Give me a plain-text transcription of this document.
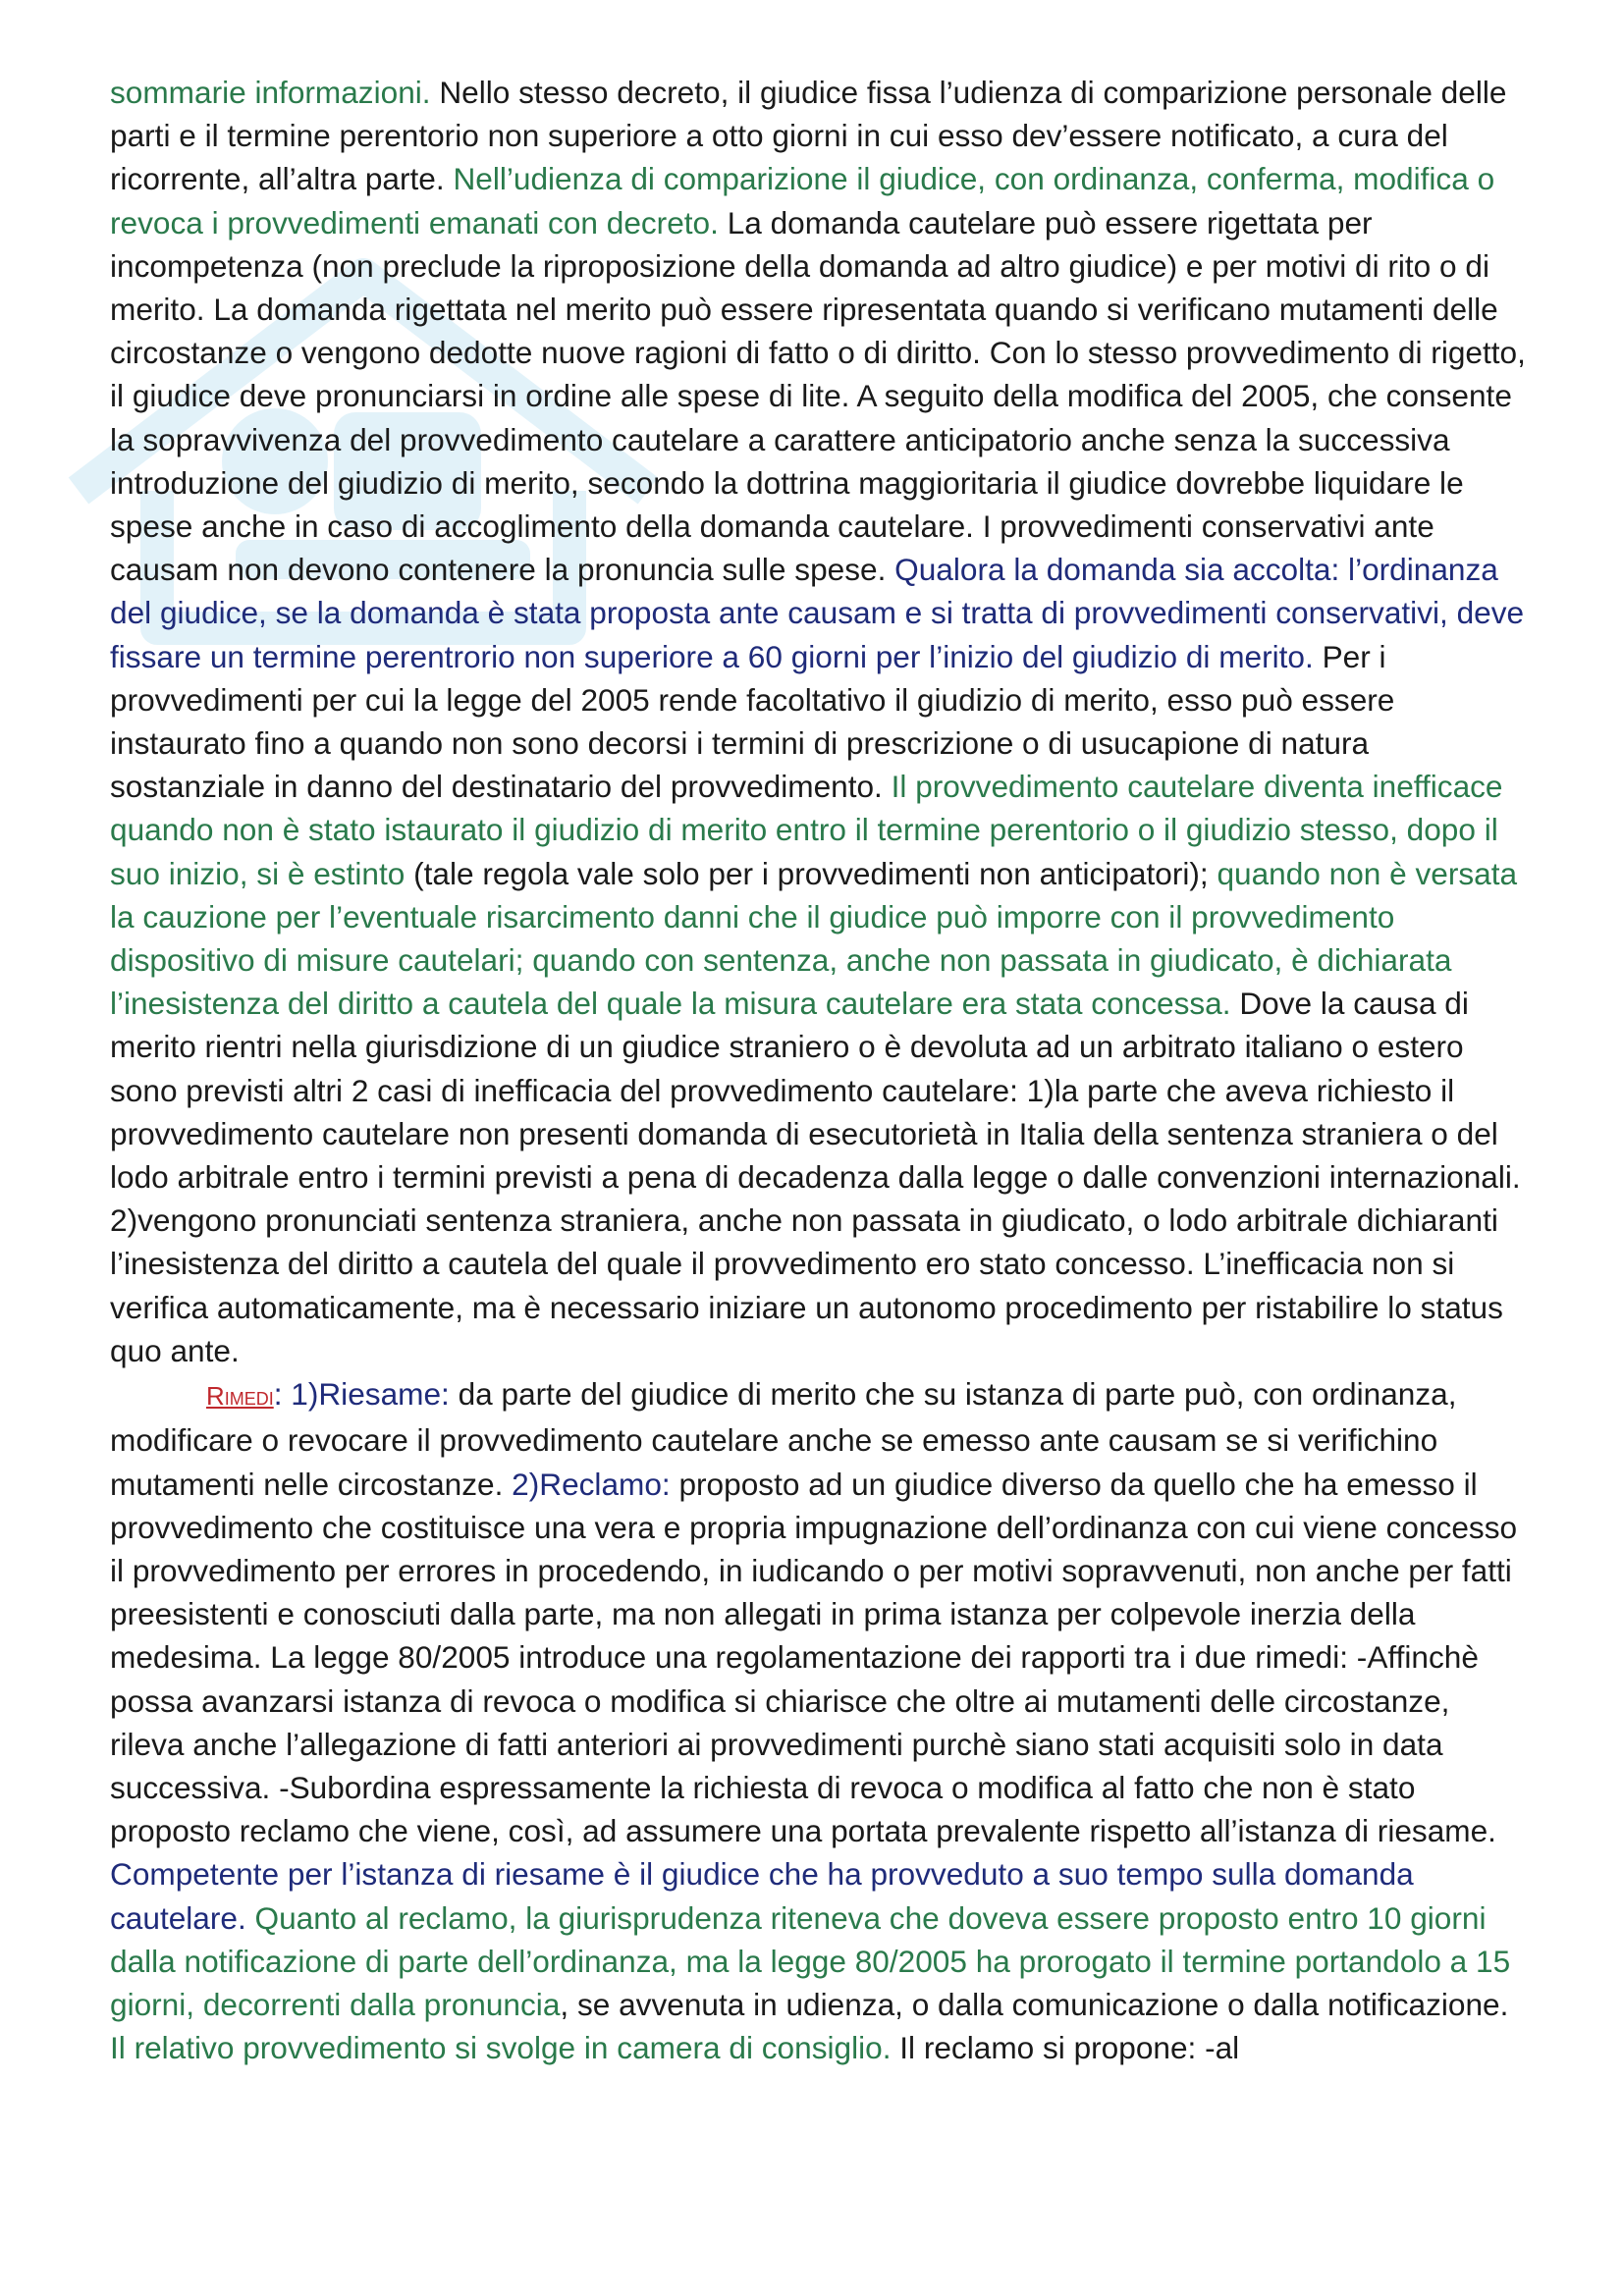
sommarie informazioni. Nello stesso decreto, il giudice fissa l’udienza di comparizione personale delle parti e il termine perentorio non superiore a otto giorni in cui esso dev’essere notificato, a cura del ricorrente, all’altra parte. Nell’udienza di comparizione il giudice, con ordinanza, conferma, modifica o revoca i provvedimenti emanati con decreto. La domanda cautelare può essere rigettata per incompetenza (non preclude la riproposizione della domanda ad altro giudice) e per motivi di rito o di merito. La domanda rigettata nel merito può essere ripresentata quando si verificano mutamenti delle circostanze o vengono dedotte nuove ragioni di fatto o di diritto. Con lo stesso provvedimento di rigetto, il giudice deve pronunciarsi in ordine alle spese di lite. A seguito della modifica del 2005, che consente la sopravvivenza del provvedimento cautelare a carattere anticipatorio anche senza la successiva introduzione del giudizio di merito, secondo la dottrina maggioritaria il giudice dovrebbe liquidare le spese anche in caso di accoglimento della domanda cautelare. I provvedimenti conservativi ante causam non devono contenere la pronuncia sulle spese. Qualora la domanda sia accolta: l’ordinanza del giudice, se la domanda è stata proposta ante causam e si tratta di provvedimenti conservativi, deve fissare un termine perentrorio non superiore a 60 giorni per l’inizio del giudizio di merito. Per i provvedimenti per cui la legge del 2005 rende facoltativo il giudizio di merito, esso può essere instaurato fino a quando non sono decorsi i termini di prescrizione o di usucapione di natura sostanziale in danno del destinatario del provvedimento. Il provvedimento cautelare diventa inefficace quando non è stato istaurato il giudizio di merito entro il termine perentorio o il giudizio stesso, dopo il suo inizio, si è estinto (tale regola vale solo per i provvedimenti non anticipatori); quando non è versata la cauzione per l’eventuale risarcimento danni che il giudice può imporre con il provvedimento dispositivo di misure cautelari; quando con sentenza, anche non passata in giudicato, è dichiarata l’inesistenza del diritto a cautela del quale la misura cautelare era stata concessa. Dove la causa di merito rientri nella giurisdizione di un giudice straniero o è devoluta ad un arbitrato italiano o estero sono previsti altri 2 casi di inefficacia del provvedimento cautelare: 1)la parte che aveva richiesto il provvedimento cautelare non presenti domanda di esecutorietà in Italia della sentenza straniera o del lodo arbitrale entro i termini previsti a pena di decadenza dalla legge o dalle convenzioni internazionali. 2)vengono pronunciati sentenza straniera, anche non passata in giudicato, o lodo arbitrale dichiaranti l’inesistenza del diritto a cautela del quale il provvedimento ero stato concesso. L’inefficacia non si verifica automaticamente, ma è necessario iniziare un autonomo procedimento per ristabilire lo status quo ante.

Rimedi: 1)Riesame: da parte del giudice di merito che su istanza di parte può, con ordinanza, modificare o revocare il provvedimento cautelare anche se emesso ante causam se si verifichino mutamenti nelle circostanze. 2)Reclamo: proposto ad un giudice diverso da quello che ha emesso il provvedimento che costituisce una vera e propria impugnazione dell’ordinanza con cui viene concesso il provvedimento per errores in procedendo, in iudicando o per motivi sopravvenuti, non anche per fatti preesistenti e conosciuti dalla parte, ma non allegati in prima istanza per colpevole inerzia della medesima. La legge 80/2005 introduce una regolamentazione dei rapporti tra i due rimedi: -Affinchè possa avanzarsi istanza di revoca o modifica si chiarisce che oltre ai mutamenti delle circostanze, rileva anche l’allegazione di fatti anteriori ai provvedimenti purchè siano stati acquisiti solo in data successiva. -Subordina espressamente la richiesta di revoca o modifica al fatto che non è stato proposto reclamo che viene, così, ad assumere una portata prevalente rispetto all’istanza di riesame. Competente per l’istanza di riesame è il giudice che ha provveduto a suo tempo sulla domanda cautelare. Quanto al reclamo, la giurisprudenza riteneva che doveva essere proposto entro 10 giorni dalla notificazione di parte dell’ordinanza, ma la legge 80/2005 ha prorogato il termine portandolo a 15 giorni, decorrenti dalla pronuncia, se avvenuta in udienza, o dalla comunicazione o dalla notificazione. Il relativo provvedimento si svolge in camera di consiglio. Il reclamo si propone: -al
